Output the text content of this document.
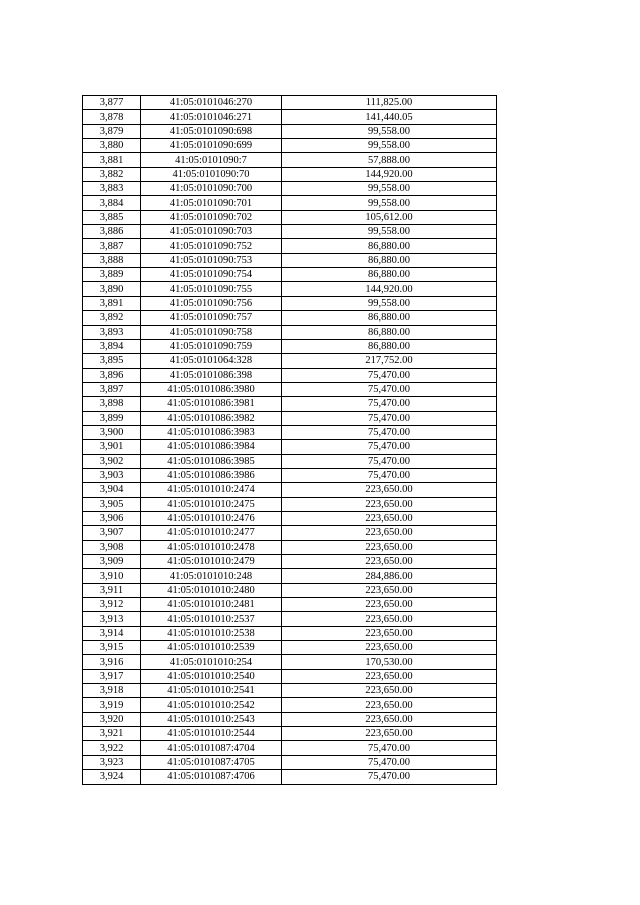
3,877	41:05:0101046:270	111,825.00
3,878	41:05:0101046:271	141,440.05
3,879	41:05:0101090:698	99,558.00
3,880	41:05:0101090:699	99,558.00
3,881	41:05:0101090:7	57,888.00
3,882	41:05:0101090:70	144,920.00
3,883	41:05:0101090:700	99,558.00
3,884	41:05:0101090:701	99,558.00
3,885	41:05:0101090:702	105,612.00
3,886	41:05:0101090:703	99,558.00
3,887	41:05:0101090:752	86,880.00
3,888	41:05:0101090:753	86,880.00
3,889	41:05:0101090:754	86,880.00
3,890	41:05:0101090:755	144,920.00
3,891	41:05:0101090:756	99,558.00
3,892	41:05:0101090:757	86,880.00
3,893	41:05:0101090:758	86,880.00
3,894	41:05:0101090:759	86,880.00
3,895	41:05:0101064:328	217,752.00
3,896	41:05:0101086:398	75,470.00
3,897	41:05:0101086:3980	75,470.00
3,898	41:05:0101086:3981	75,470.00
3,899	41:05:0101086:3982	75,470.00
3,900	41:05:0101086:3983	75,470.00
3,901	41:05:0101086:3984	75,470.00
3,902	41:05:0101086:3985	75,470.00
3,903	41:05:0101086:3986	75,470.00
3,904	41:05:0101010:2474	223,650.00
3,905	41:05:0101010:2475	223,650.00
3,906	41:05:0101010:2476	223,650.00
3,907	41:05:0101010:2477	223,650.00
3,908	41:05:0101010:2478	223,650.00
3,909	41:05:0101010:2479	223,650.00
3,910	41:05:0101010:248	284,886.00
3,911	41:05:0101010:2480	223,650.00
3,912	41:05:0101010:2481	223,650.00
3,913	41:05:0101010:2537	223,650.00
3,914	41:05:0101010:2538	223,650.00
3,915	41:05:0101010:2539	223,650.00
3,916	41:05:0101010:254	170,530.00
3,917	41:05:0101010:2540	223,650.00
3,918	41:05:0101010:2541	223,650.00
3,919	41:05:0101010:2542	223,650.00
3,920	41:05:0101010:2543	223,650.00
3,921	41:05:0101010:2544	223,650.00
3,922	41:05:0101087:4704	75,470.00
3,923	41:05:0101087:4705	75,470.00
3,924	41:05:0101087:4706	75,470.00
